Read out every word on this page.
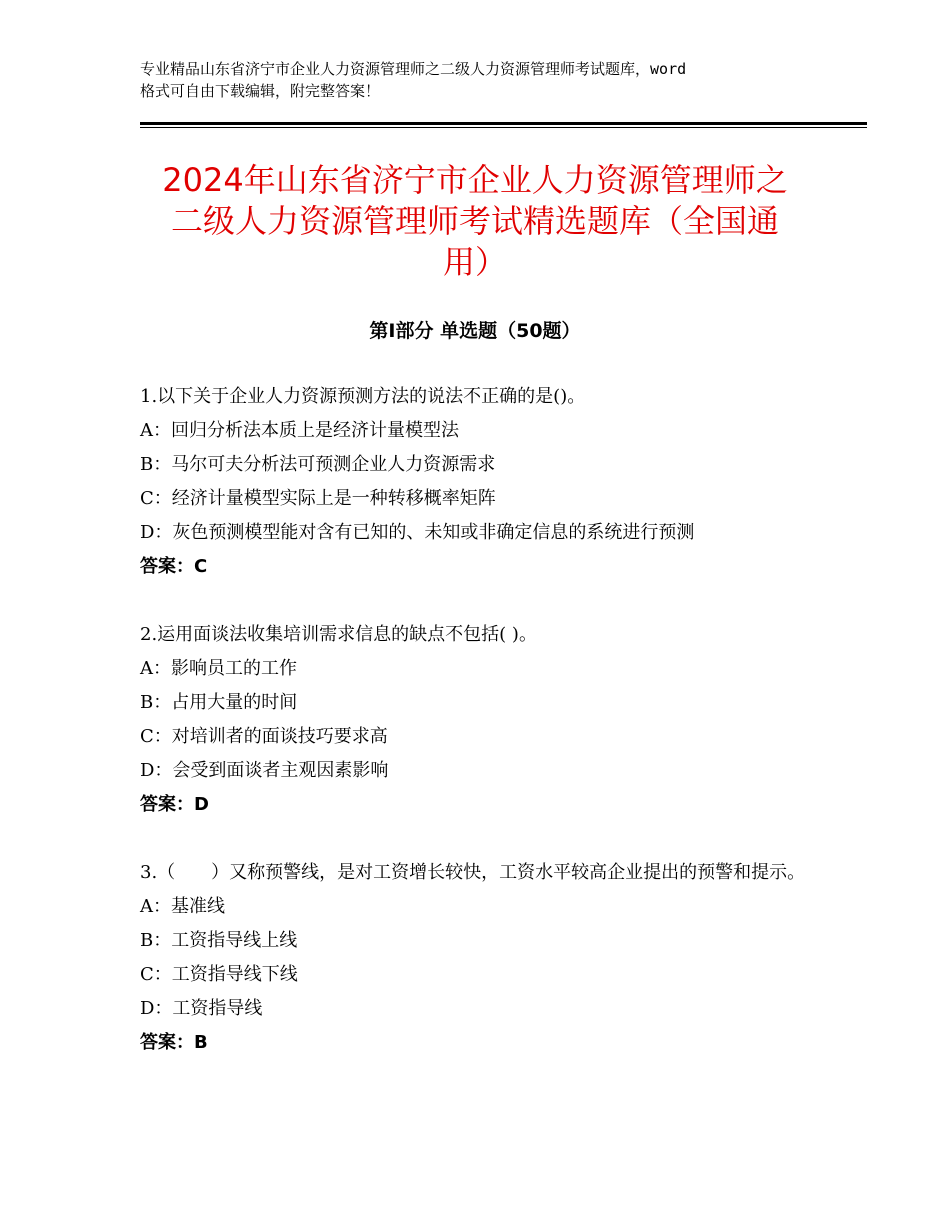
专业精品山东省济宁市企业人力资源管理师之二级人力资源管理师考试题库，word
格式可自由下载编辑，附完整答案！
2024年山东省济宁市企业人力资源管理师之
二级人力资源管理师考试精选题库（全国通
用）
第Ⅰ部分 单选题（50题）
1.以下关于企业人力资源预测方法的说法不正确的是()。
A：回归分析法本质上是经济计量模型法
B：马尔可夫分析法可预测企业人力资源需求
C：经济计量模型实际上是一种转移概率矩阵
D：灰色预测模型能对含有已知的、未知或非确定信息的系统进行预测
答案：C
2.运用面谈法收集培训需求信息的缺点不包括( )。
A：影响员工的工作
B：占用大量的时间
C：对培训者的面谈技巧要求高
D：会受到面谈者主观因素影响
答案：D
3.（　　）又称预警线，是对工资增长较快，工资水平较高企业提出的预警和提示。
A：基准线
B：工资指导线上线
C：工资指导线下线
D：工资指导线
答案：B
